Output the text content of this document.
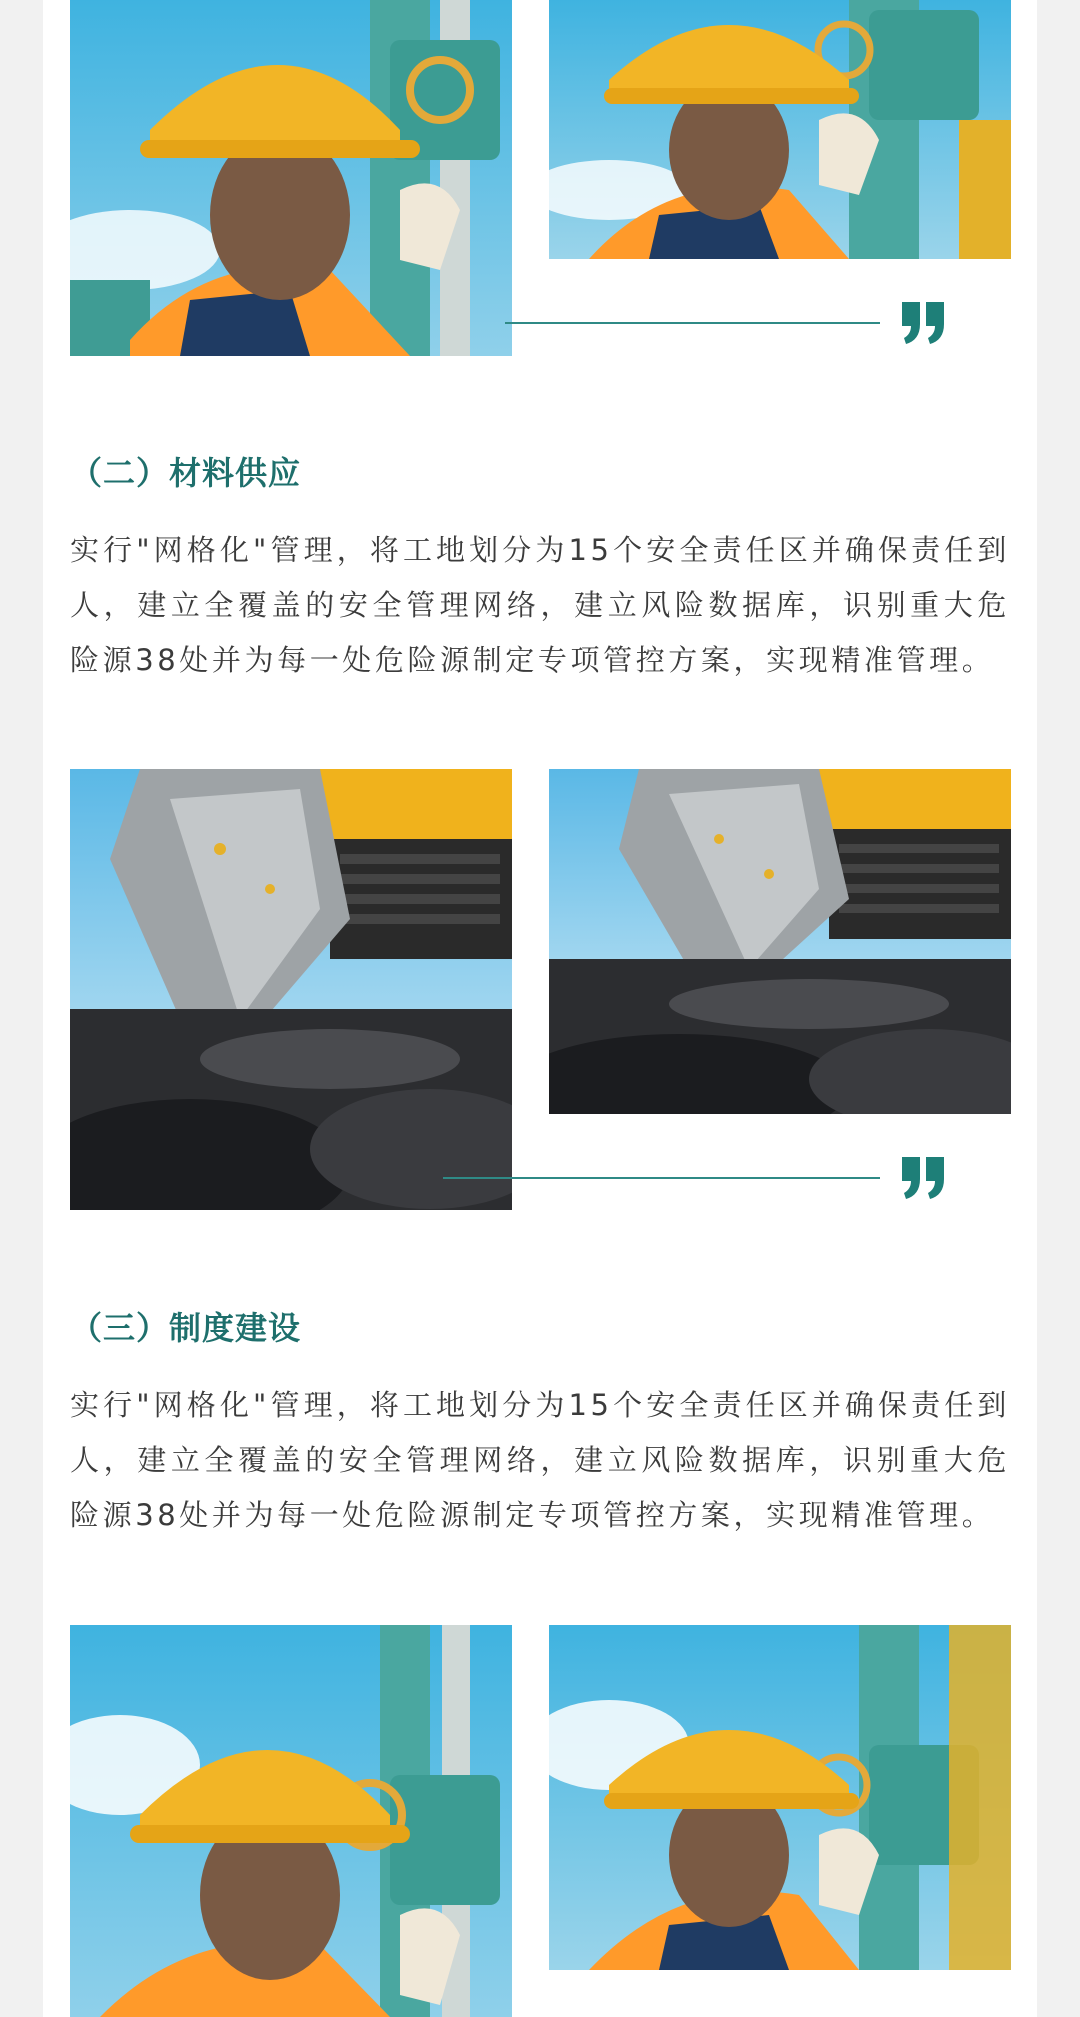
（二）材料供应
实行"网格化"管理，将工地划分为15个安全责任区并确保责任到人，建立全覆盖的安全管理网络，建立风险数据库，识别重大危险源38处并为每一处危险源制定专项管控方案，实现精准管理。
（三）制度建设
实行"网格化"管理，将工地划分为15个安全责任区并确保责任到人，建立全覆盖的安全管理网络，建立风险数据库，识别重大危险源38处并为每一处危险源制定专项管控方案，实现精准管理。
